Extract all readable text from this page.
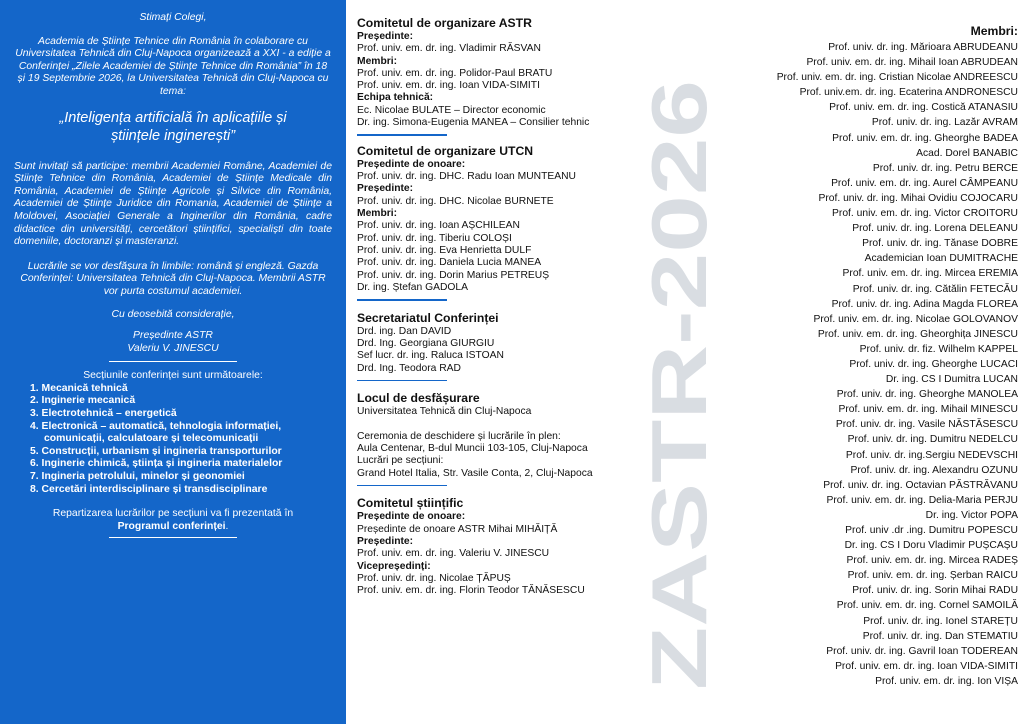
Stimați Colegi,

Academia de Științe Tehnice din România în colaborare cu Universitatea Tehnică din Cluj-Napoca organizează a XXI - a ediție a Conferinței „Zilele Academiei de Științe Tehnice din România” în 18 și 19 Septembrie 2026, la Universitatea Tehnică din Cluj-Napoca cu tema:

„Inteligența artificială în aplicațiile și științele inginerești”

Sunt invitați să participe: membrii Academiei Române, Academiei de Științe Tehnice din România, Academiei de Științe Medicale din România, Academiei de Științe Agricole și Silvice din România, Academiei de Științe Juridice din Romania, Academiei de Științe a Moldovei, Asociației Generale a Inginerilor din România, cadre didactice din universități, cercetători științifici, specialiști din toate domeniile, doctoranzi și masteranzi.

Lucrările se vor desfășura în limbile: română și engleză. Gazda Conferinței: Universitatea Tehnică din Cluj-Napoca. Membrii ASTR vor purta costumul academiei.

Cu deosebită considerație,

Președinte ASTR

Valeriu V. JINESCU

Secțiunile conferinței sunt următoarele:

1. Mecanică tehnică
2. Inginerie mecanică
3. Electrotehnică – energetică
4. Electronică – automatică, tehnologia informației,
comunicații, calculatoare și telecomunicații
5. Construcții, urbanism și ingineria transporturilor
6. Inginerie chimică, știința și ingineria materialelor
7. Ingineria petrolului, minelor și geonomiei
8. Cercetări interdisciplinare și transdisciplinare

Repartizarea lucrărilor pe secțiuni va fi prezentată în

Programul conferinței.

Comitetul de organizare ASTR

Președinte:

Prof. univ. em. dr. ing. Vladimir RĂSVAN

Membri:

Prof. univ. em. dr. ing. Polidor-Paul BRATU

Prof. univ. em. dr. ing. Ioan VIDA-SIMITI

Echipa tehnică:

Ec. Nicolae BULATE – Director economic

Dr. ing. Simona-Eugenia MANEA – Consilier tehnic

Comitetul de organizare UTCN

Președinte de onoare:

Prof. univ. dr. ing. DHC. Radu Ioan MUNTEANU

Președinte:

Prof. univ. dr. ing. DHC. Nicolae BURNETE

Membri:

Prof. univ. dr. ing. Ioan AȘCHILEAN

Prof. univ. dr. ing. Tiberiu COLOȘI

Prof. univ. dr. ing. Eva Henrietta DULF

Prof. univ. dr. ing. Daniela Lucia MANEA

Prof. univ. dr. ing. Dorin Marius PETREUȘ

Dr. ing. Ștefan GADOLA

Secretariatul Conferinței

Drd. ing. Dan DAVID

Drd. Ing. Georgiana GIURGIU

Sef lucr. dr. ing. Raluca ISTOAN

Drd. Ing. Teodora RAD

Locul de desfășurare

Universitatea Tehnică din Cluj-Napoca

Ceremonia de deschidere și lucrările în plen:

Aula Centenar, B-dul Muncii 103-105, Cluj-Napoca

Lucrări pe secțiuni:

Grand Hotel Italia, Str. Vasile Conta, 2, Cluj-Napoca

Comitetul științific

Președinte de onoare:

Președinte de onoare ASTR Mihai MIHĂIȚĂ

Președinte:

Prof. univ. em. dr. ing. Valeriu V. JINESCU

Vicepreședinți:

Prof. univ. dr. ing. Nicolae ȚĂPUȘ

Prof. univ. em. dr. ing. Florin Teodor TĂNĂSESCU ZASTR-2026

Membri:

Prof. univ. dr. ing. Mărioara ABRUDEANU

Prof. univ. em. dr. ing. Mihail Ioan ABRUDEAN

Prof. univ. em. dr. ing. Cristian Nicolae ANDREESCU

Prof. univ.em. dr. ing. Ecaterina ANDRONESCU

Prof. univ. em. dr. ing. Costică ATANASIU

Prof. univ. dr. ing. Lazăr AVRAM

Prof. univ. em. dr. ing. Gheorghe BADEA

Acad. Dorel BANABIC

Prof. univ. dr. ing. Petru BERCE

Prof. univ. em. dr. ing. Aurel CÂMPEANU

Prof. univ. dr. ing. Mihai Ovidiu COJOCARU

Prof. univ. em. dr. ing. Victor CROITORU

Prof. univ. dr. ing. Lorena DELEANU

Prof. univ. dr. ing. Tănase DOBRE

Academician Ioan DUMITRACHE

Prof. univ. em. dr. ing. Mircea EREMIA

Prof. univ. dr. ing. Cătălin FETECĂU

Prof. univ. dr. ing. Adina Magda FLOREA

Prof. univ. em. dr. ing. Nicolae GOLOVANOV

Prof. univ. em. dr. ing. Gheorghița JINESCU

Prof. univ. dr. fiz. Wilhelm KAPPEL

Prof. univ. dr. ing. Gheorghe LUCACI

Dr. ing. CS I Dumitra LUCAN

Prof. univ. dr. ing. Gheorghe MANOLEA

Prof. univ. em. dr. ing. Mihail MINESCU

Prof. univ. dr. ing. Vasile NĂSTĂSESCU

Prof. univ. dr. ing. Dumitru NEDELCU

Prof. univ. dr. ing.Sergiu NEDEVSCHI

Prof. univ. dr. ing. Alexandru OZUNU

Prof. univ. dr. ing. Octavian PĂSTRĂVANU

Prof. univ. em. dr. ing. Delia-Maria PERJU

Dr. ing. Victor POPA

Prof. univ .dr .ing. Dumitru POPESCU

Dr. ing. CS I Doru Vladimir PUȘCAȘU

Prof. univ. em. dr. ing. Mircea RADEȘ

Prof. univ. em. dr. ing. Șerban RAICU

Prof. univ. dr. ing. Sorin Mihai RADU

Prof. univ. em. dr. ing. Cornel SAMOILĂ

Prof. univ. dr. ing. Ionel STAREȚU

Prof. univ. dr. ing. Dan STEMATIU

Prof. univ. dr. ing. Gavril Ioan TODEREAN

Prof. univ. em. dr. ing. Ioan VIDA-SIMITI

Prof. univ. em. dr. ing. Ion VIȘA
